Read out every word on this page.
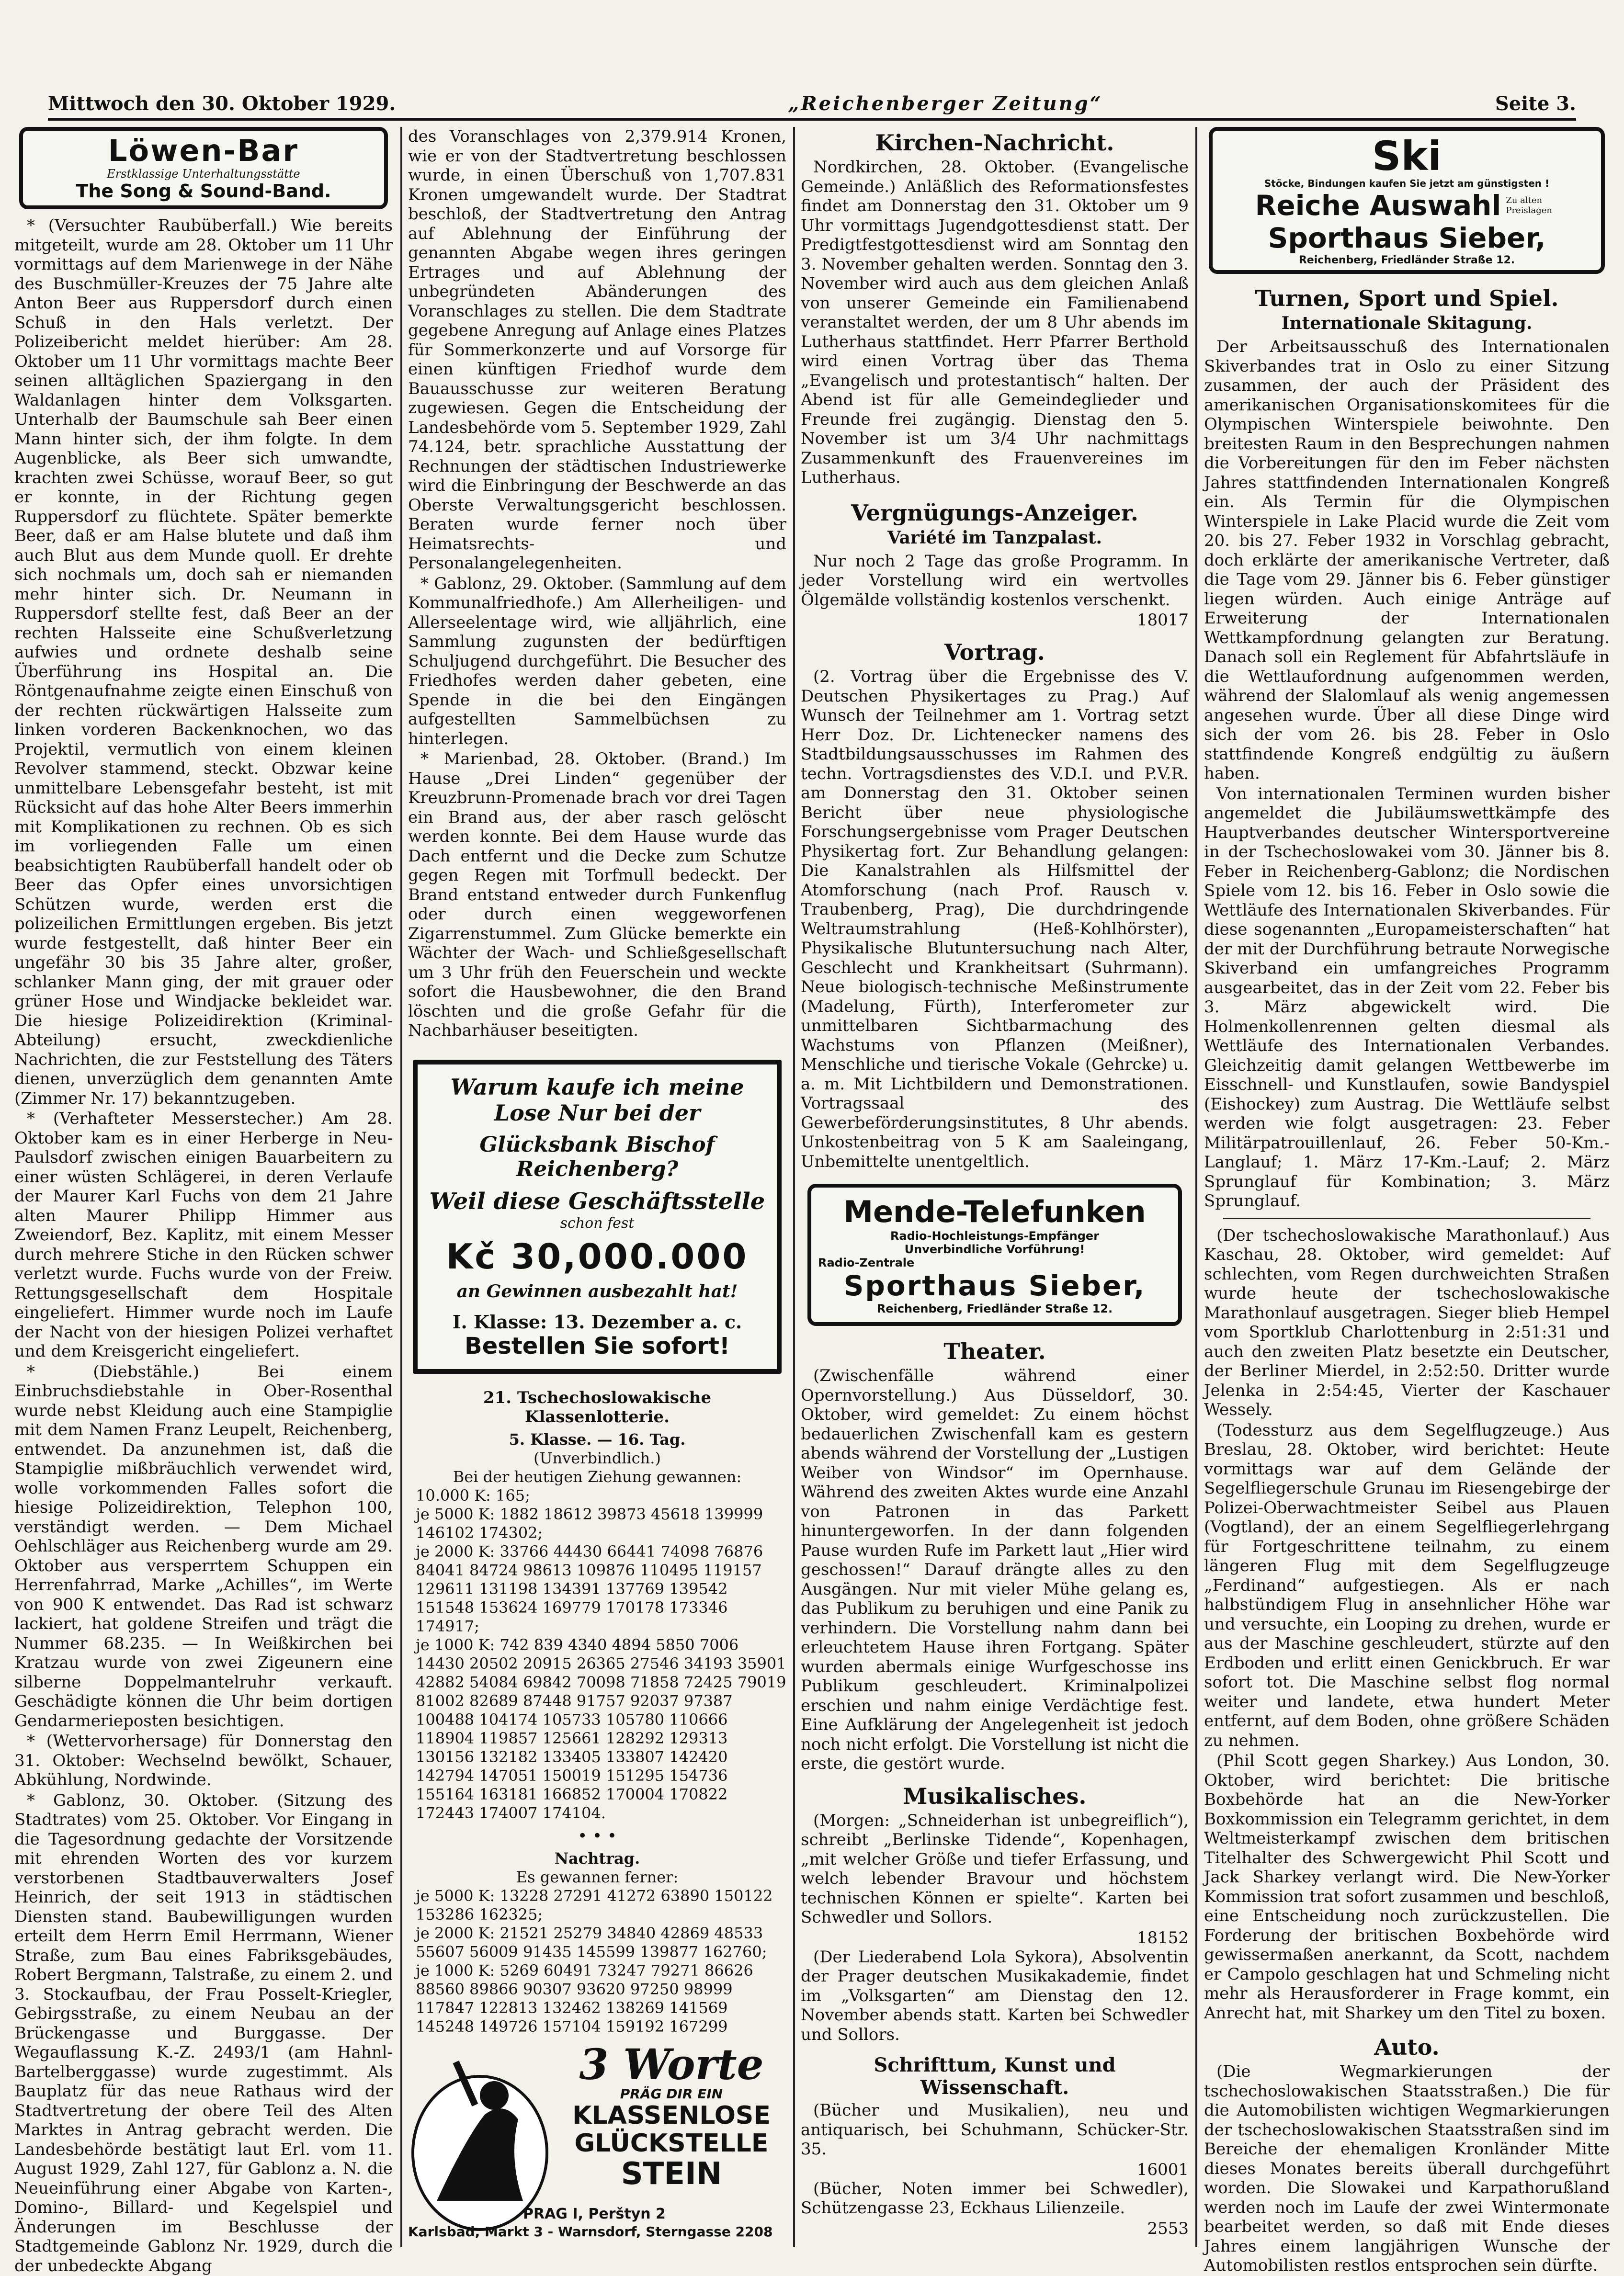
Mittwoch den 30. Oktober 1929.	„Reichenberger Zeitung“	Seite 3.
Löwen-Bar
Erstklassige Unterhaltungsstätte
The Song & Sound-Band.

* (Versuchter Raubüberfall.) Wie bereits mitgeteilt, wurde am 28. Oktober um 11 Uhr vormittags auf dem Marienwege in der Nähe des Buschmüller-Kreuzes der 75 Jahre alte Anton Beer aus Ruppersdorf durch einen Schuß in den Hals verletzt. Der Polizeibericht meldet hierüber: Am 28. Oktober um 11 Uhr vormittags machte Beer seinen alltäglichen Spaziergang in den Waldanlagen hinter dem Volksgarten. Unterhalb der Baumschule sah Beer einen Mann hinter sich, der ihm folgte. In dem Augenblicke, als Beer sich umwandte, krachten zwei Schüsse, worauf Beer, so gut er konnte, in der Richtung gegen Ruppersdorf zu flüchtete. Später bemerkte Beer, daß er am Halse blutete und daß ihm auch Blut aus dem Munde quoll. Er drehte sich nochmals um, doch sah er niemanden mehr hinter sich. Dr. Neumann in Ruppersdorf stellte fest, daß Beer an der rechten Halsseite eine Schußverletzung aufwies und ordnete deshalb seine Überführung ins Hospital an. Die Röntgenaufnahme zeigte einen Einschuß von der rechten rückwärtigen Halsseite zum linken vorderen Backenknochen, wo das Projektil, vermutlich von einem kleinen Revolver stammend, steckt. Obzwar keine unmittelbare Lebensgefahr besteht, ist mit Rücksicht auf das hohe Alter Beers immerhin mit Komplikationen zu rechnen. Ob es sich im vorliegenden Falle um einen beabsichtigten Raubüberfall handelt oder ob Beer das Opfer eines unvorsichtigen Schützen wurde, werden erst die polizeilichen Ermittlungen ergeben. Bis jetzt wurde festgestellt, daß hinter Beer ein ungefähr 30 bis 35 Jahre alter, großer, schlanker Mann ging, der mit grauer oder grüner Hose und Windjacke bekleidet war. Die hiesige Polizeidirektion (Kriminal-Abteilung) ersucht, zweckdienliche Nachrichten, die zur Feststellung des Täters dienen, unverzüglich dem genannten Amte (Zimmer Nr. 17) bekanntzugeben.

* (Verhafteter Messerstecher.) Am 28. Oktober kam es in einer Herberge in Neu-Paulsdorf zwischen einigen Bauarbeitern zu einer wüsten Schlägerei, in deren Verlaufe der Maurer Karl Fuchs von dem 21 Jahre alten Maurer Philipp Himmer aus Zweiendorf, Bez. Kaplitz, mit einem Messer durch mehrere Stiche in den Rücken schwer verletzt wurde. Fuchs wurde von der Freiw. Rettungsgesellschaft dem Hospitale eingeliefert. Himmer wurde noch im Laufe der Nacht von der hiesigen Polizei verhaftet und dem Kreisgericht eingeliefert.

* (Diebstähle.) Bei einem Einbruchsdiebstahle in Ober-Rosenthal wurde nebst Kleidung auch eine Stampiglie mit dem Namen Franz Leupelt, Reichenberg, entwendet. Da anzunehmen ist, daß die Stampiglie mißbräuchlich verwendet wird, wolle vorkommenden Falles sofort die hiesige Polizeidirektion, Telephon 100, verständigt werden. — Dem Michael Oehlschläger aus Reichenberg wurde am 29. Oktober aus versperrtem Schuppen ein Herrenfahrrad, Marke „Achilles“, im Werte von 900 K entwendet. Das Rad ist schwarz lackiert, hat goldene Streifen und trägt die Nummer 68.235. — In Weißkirchen bei Kratzau wurde von zwei Zigeunern eine silberne Doppelmantelruhr verkauft. Geschädigte können die Uhr beim dortigen Gendarmerieposten besichtigen.

* (Wettervorhersage) für Donnerstag den 31. Oktober: Wechselnd bewölkt, Schauer, Abkühlung, Nordwinde.

* Gablonz, 30. Oktober. (Sitzung des Stadtrates) vom 25. Oktober. Vor Eingang in die Tagesordnung gedachte der Vorsitzende mit ehrenden Worten des vor kurzem verstorbenen Stadtbauverwalters Josef Heinrich, der seit 1913 in städtischen Diensten stand. Baubewilligungen wurden erteilt dem Herrn Emil Herrmann, Wiener Straße, zum Bau eines Fabriksgebäudes, Robert Bergmann, Talstraße, zu einem 2. und 3. Stockaufbau, der Frau Posselt-Kriegler, Gebirgsstraße, zu einem Neubau an der Brückengasse und Burggasse. Der Wegauflassung K.-Z. 2493/1 (am Hahnl-Bartelberggasse) wurde zugestimmt. Als Bauplatz für das neue Rathaus wird der Stadtvertretung der obere Teil des Alten Marktes in Antrag gebracht werden. Die Landesbehörde bestätigt laut Erl. vom 11. August 1929, Zahl 127, für Gablonz a. N. die Neueinführung einer Abgabe von Karten-, Domino-, Billard- und Kegelspiel und Änderungen im Beschlusse der Stadtgemeinde Gablonz Nr. 1929, durch die der unbedeckte Abgang

des Voranschlages von 2,379.914 Kronen, wie er von der Stadtvertretung beschlossen wurde, in einen Überschuß von 1,707.831 Kronen umgewandelt wurde. Der Stadtrat beschloß, der Stadtvertretung den Antrag auf Ablehnung der Einführung der genannten Abgabe wegen ihres geringen Ertrages und auf Ablehnung der unbegründeten Abänderungen des Voranschlages zu stellen. Die dem Stadtrate gegebene Anregung auf Anlage eines Platzes für Sommerkonzerte und auf Vorsorge für einen künftigen Friedhof wurde dem Bauausschusse zur weiteren Beratung zugewiesen. Gegen die Entscheidung der Landesbehörde vom 5. September 1929, Zahl 74.124, betr. sprachliche Ausstattung der Rechnungen der städtischen Industriewerke wird die Einbringung der Beschwerde an das Oberste Verwaltungsgericht beschlossen. Beraten wurde ferner noch über Heimatsrechts- und Personalangelegenheiten.

* Gablonz, 29. Oktober. (Sammlung auf dem Kommunalfriedhofe.) Am Allerheiligen- und Allerseelentage wird, wie alljährlich, eine Sammlung zugunsten der bedürftigen Schuljugend durchgeführt. Die Besucher des Friedhofes werden daher gebeten, eine Spende in die bei den Eingängen aufgestellten Sammelbüchsen zu hinterlegen.

* Marienbad, 28. Oktober. (Brand.) Im Hause „Drei Linden“ gegenüber der Kreuzbrunn-Promenade brach vor drei Tagen ein Brand aus, der aber rasch gelöscht werden konnte. Bei dem Hause wurde das Dach entfernt und die Decke zum Schutze gegen Regen mit Torfmull bedeckt. Der Brand entstand entweder durch Funkenflug oder durch einen weggeworfenen Zigarrenstummel. Zum Glücke bemerkte ein Wächter der Wach- und Schließgesellschaft um 3 Uhr früh den Feuerschein und weckte sofort die Hausbewohner, die den Brand löschten und die große Gefahr für die Nachbarhäuser beseitigten.

Warum kaufe ich meine Lose Nur bei der
Glücksbank Bischof Reichenberg?
Weil diese Geschäftsstelle
schon fest
Kč 30,000.000
an Gewinnen ausbezahlt hat!
I. Klasse: 13. Dezember a. c.
Bestellen Sie sofort!
21. Tschechoslowakische Klassenlotterie.
5. Klasse. — 16. Tag.
(Unverbindlich.)
Bei der heutigen Ziehung gewannen:

10.000 K: 165;

je 5000 K: 1882 18612 39873 45618 139999 146102 174302;

je 2000 K: 33766 44430 66441 74098 76876 84041 84724 98613 109876 110495 119157 129611 131198 134391 137769 139542 151548 153624 169779 170178 173346 174917;

je 1000 K: 742 839 4340 4894 5850 7006 14430 20502 20915 26365 27546 34193 35901 42882 54084 69842 70098 71858 72425 79019 81002 82689 87448 91757 92037 97387 100488 104174 105733 105780 110666 118904 119857 125661 128292 129313 130156 132182 133405 133807 142420 142794 147051 150019 151295 154736 155164 163181 166852 170004 170822 172443 174007 174104.

• • •
Nachtrag.
Es gewannen ferner:

je 5000 K: 13228 27291 41272 63890 150122 153286 162325;

je 2000 K: 21521 25279 34840 42869 48533 55607 56009 91435 145599 139877 162760;

je 1000 K: 5269 60491 73247 79271 86626 88560 89866 90307 93620 97250 98999 117847 122813 132462 138269 141569 145248 149726 157104 159192 167299

3 Worte
PRÄG DIR EIN
KLASSENLOSE
GLÜCKSTELLE
STEIN
PRAG I, Perštyn 2
Karlsbad, Markt 3 - Warnsdorf, Sterngasse 2208
Kirchen-Nachricht.

Nordkirchen, 28. Oktober. (Evangelische Gemeinde.) Anläßlich des Reformationsfestes findet am Donnerstag den 31. Oktober um 9 Uhr vormittags Jugendgottesdienst statt. Der Predigtfestgottesdienst wird am Sonntag den 3. November gehalten werden. Sonntag den 3. November wird auch aus dem gleichen Anlaß von unserer Gemeinde ein Familienabend veranstaltet werden, der um 8 Uhr abends im Lutherhaus stattfindet. Herr Pfarrer Berthold wird einen Vortrag über das Thema „Evangelisch und protestantisch“ halten. Der Abend ist für alle Gemeindeglieder und Freunde frei zugängig. Dienstag den 5. November ist um 3/4 Uhr nachmittags Zusammenkunft des Frauenvereines im Lutherhaus.

Vergnügungs-Anzeiger.
Variété im Tanzpalast.

Nur noch 2 Tage das große Programm. In jeder Vorstellung wird ein wertvolles Ölgemälde vollständig kostenlos verschenkt.

18017
Vortrag.

(2. Vortrag über die Ergebnisse des V. Deutschen Physikertages zu Prag.) Auf Wunsch der Teilnehmer am 1. Vortrag setzt Herr Doz. Dr. Lichtenecker namens des Stadtbildungsausschusses im Rahmen des techn. Vortragsdienstes des V.D.I. und P.V.R. am Donnerstag den 31. Oktober seinen Bericht über neue physiologische Forschungsergebnisse vom Prager Deutschen Physikertag fort. Zur Behandlung gelangen: Die Kanalstrahlen als Hilfsmittel der Atomforschung (nach Prof. Rausch v. Traubenberg, Prag), Die durchdringende Weltraumstrahlung (Heß-Kohlhörster), Physikalische Blutuntersuchung nach Alter, Geschlecht und Krankheitsart (Suhrmann). Neue biologisch-technische Meßinstrumente (Madelung, Fürth), Interferometer zur unmittelbaren Sichtbarmachung des Wachstums von Pflanzen (Meißner), Menschliche und tierische Vokale (Gehrcke) u. a. m. Mit Lichtbildern und Demonstrationen. Vortragssaal des Gewerbeförderungsinstitutes, 8 Uhr abends. Unkostenbeitrag von 5 K am Saaleingang, Unbemittelte unentgeltlich.

Mende-Telefunken
Radio-Hochleistungs-Empfänger
Unverbindliche Vorführung!
Radio-Zentrale
Sporthaus Sieber,
Reichenberg, Friedländer Straße 12.
Theater.

(Zwischenfälle während einer Opernvorstellung.) Aus Düsseldorf, 30. Oktober, wird gemeldet: Zu einem höchst bedauerlichen Zwischenfall kam es gestern abends während der Vorstellung der „Lustigen Weiber von Windsor“ im Opernhause. Während des zweiten Aktes wurde eine Anzahl von Patronen in das Parkett hinuntergeworfen. In der dann folgenden Pause wurden Rufe im Parkett laut „Hier wird geschossen!“ Darauf drängte alles zu den Ausgängen. Nur mit vieler Mühe gelang es, das Publikum zu beruhigen und eine Panik zu verhindern. Die Vorstellung nahm dann bei erleuchtetem Hause ihren Fortgang. Später wurden abermals einige Wurfgeschosse ins Publikum geschleudert. Kriminalpolizei erschien und nahm einige Verdächtige fest. Eine Aufklärung der Angelegenheit ist jedoch noch nicht erfolgt. Die Vorstellung ist nicht die erste, die gestört wurde.

Musikalisches.

(Morgen: „Schneiderhan ist unbegreiflich“), schreibt „Berlinske Tidende“, Kopenhagen, „mit welcher Größe und tiefer Erfassung, und welch lebender Bravour und höchstem technischen Können er spielte“. Karten bei Schwedler und Sollors.

18152

(Der Liederabend Lola Sykora), Absolventin der Prager deutschen Musikakademie, findet im „Volksgarten“ am Dienstag den 12. November abends statt. Karten bei Schwedler und Sollors.

Schrifttum, Kunst und Wissenschaft.

(Bücher und Musikalien), neu und antiquarisch, bei Schuhmann, Schücker-Str. 35.

16001

(Bücher, Noten immer bei Schwedler), Schützengasse 23, Eckhaus Lilienzeile.

2553
Ski
Stöcke, Bindungen kaufen Sie jetzt am günstigsten !
Reiche Auswahl Zu alten Preislagen
Sporthaus Sieber,
Reichenberg, Friedländer Straße 12.
Turnen, Sport und Spiel.
Internationale Skitagung.

Der Arbeitsausschuß des Internationalen Skiverbandes trat in Oslo zu einer Sitzung zusammen, der auch der Präsident des amerikanischen Organisationskomitees für die Olympischen Winterspiele beiwohnte. Den breitesten Raum in den Besprechungen nahmen die Vorbereitungen für den im Feber nächsten Jahres stattfindenden Internationalen Kongreß ein. Als Termin für die Olympischen Winterspiele in Lake Placid wurde die Zeit vom 20. bis 27. Feber 1932 in Vorschlag gebracht, doch erklärte der amerikanische Vertreter, daß die Tage vom 29. Jänner bis 6. Feber günstiger liegen würden. Auch einige Anträge auf Erweiterung der Internationalen Wettkampfordnung gelangten zur Beratung. Danach soll ein Reglement für Abfahrtsläufe in die Wettlaufordnung aufgenommen werden, während der Slalomlauf als wenig angemessen angesehen wurde. Über all diese Dinge wird sich der vom 26. bis 28. Feber in Oslo stattfindende Kongreß endgültig zu äußern haben.

Von internationalen Terminen wurden bisher angemeldet die Jubiläumswettkämpfe des Hauptverbandes deutscher Wintersportvereine in der Tschechoslowakei vom 30. Jänner bis 8. Feber in Reichenberg-Gablonz; die Nordischen Spiele vom 12. bis 16. Feber in Oslo sowie die Wettläufe des Internationalen Skiverbandes. Für diese sogenannten „Europameisterschaften“ hat der mit der Durchführung betraute Norwegische Skiverband ein umfangreiches Programm ausgearbeitet, das in der Zeit vom 22. Feber bis 3. März abgewickelt wird. Die Holmenkollenrennen gelten diesmal als Wettläufe des Internationalen Verbandes. Gleichzeitig damit gelangen Wettbewerbe im Eisschnell- und Kunstlaufen, sowie Bandyspiel (Eishockey) zum Austrag. Die Wettläufe selbst werden wie folgt ausgetragen: 23. Feber Militärpatrouillenlauf, 26. Feber 50-Km.-Langlauf; 1. März 17-Km.-Lauf; 2. März Sprunglauf für Kombination; 3. März Sprunglauf.

(Der tschechoslowakische Marathonlauf.) Aus Kaschau, 28. Oktober, wird gemeldet: Auf schlechten, vom Regen durchweichten Straßen wurde heute der tschechoslowakische Marathonlauf ausgetragen. Sieger blieb Hempel vom Sportklub Charlottenburg in 2:51:31 und auch den zweiten Platz besetzte ein Deutscher, der Berliner Mierdel, in 2:52:50. Dritter wurde Jelenka in 2:54:45, Vierter der Kaschauer Wessely.

(Todessturz aus dem Segelflugzeuge.) Aus Breslau, 28. Oktober, wird berichtet: Heute vormittags war auf dem Gelände der Segelfliegerschule Grunau im Riesengebirge der Polizei-Oberwachtmeister Seibel aus Plauen (Vogtland), der an einem Segelfliegerlehrgang für Fortgeschrittene teilnahm, zu einem längeren Flug mit dem Segelflugzeuge „Ferdinand“ aufgestiegen. Als er nach halbstündigem Flug in ansehnlicher Höhe war und versuchte, ein Looping zu drehen, wurde er aus der Maschine geschleudert, stürzte auf den Erdboden und erlitt einen Genickbruch. Er war sofort tot. Die Maschine selbst flog normal weiter und landete, etwa hundert Meter entfernt, auf dem Boden, ohne größere Schäden zu nehmen.

(Phil Scott gegen Sharkey.) Aus London, 30. Oktober, wird berichtet: Die britische Boxbehörde hat an die New-Yorker Boxkommission ein Telegramm gerichtet, in dem Weltmeisterkampf zwischen dem britischen Titelhalter des Schwergewicht Phil Scott und Jack Sharkey verlangt wird. Die New-Yorker Kommission trat sofort zusammen und beschloß, eine Entscheidung noch zurückzustellen. Die Forderung der britischen Boxbehörde wird gewissermaßen anerkannt, da Scott, nachdem er Campolo geschlagen hat und Schmeling nicht mehr als Herausforderer in Frage kommt, ein Anrecht hat, mit Sharkey um den Titel zu boxen.

Auto.

(Die Wegmarkierungen der tschechoslowakischen Staatsstraßen.) Die für die Automobilisten wichtigen Wegmarkierungen der tschechoslowakischen Staatsstraßen sind im Bereiche der ehemaligen Kronländer Mitte dieses Monates bereits überall durchgeführt worden. Die Slowakei und Karpathorußland werden noch im Laufe der zwei Wintermonate bearbeitet werden, so daß mit Ende dieses Jahres einem langjährigen Wunsche der Automobilisten restlos entsprochen sein dürfte.
